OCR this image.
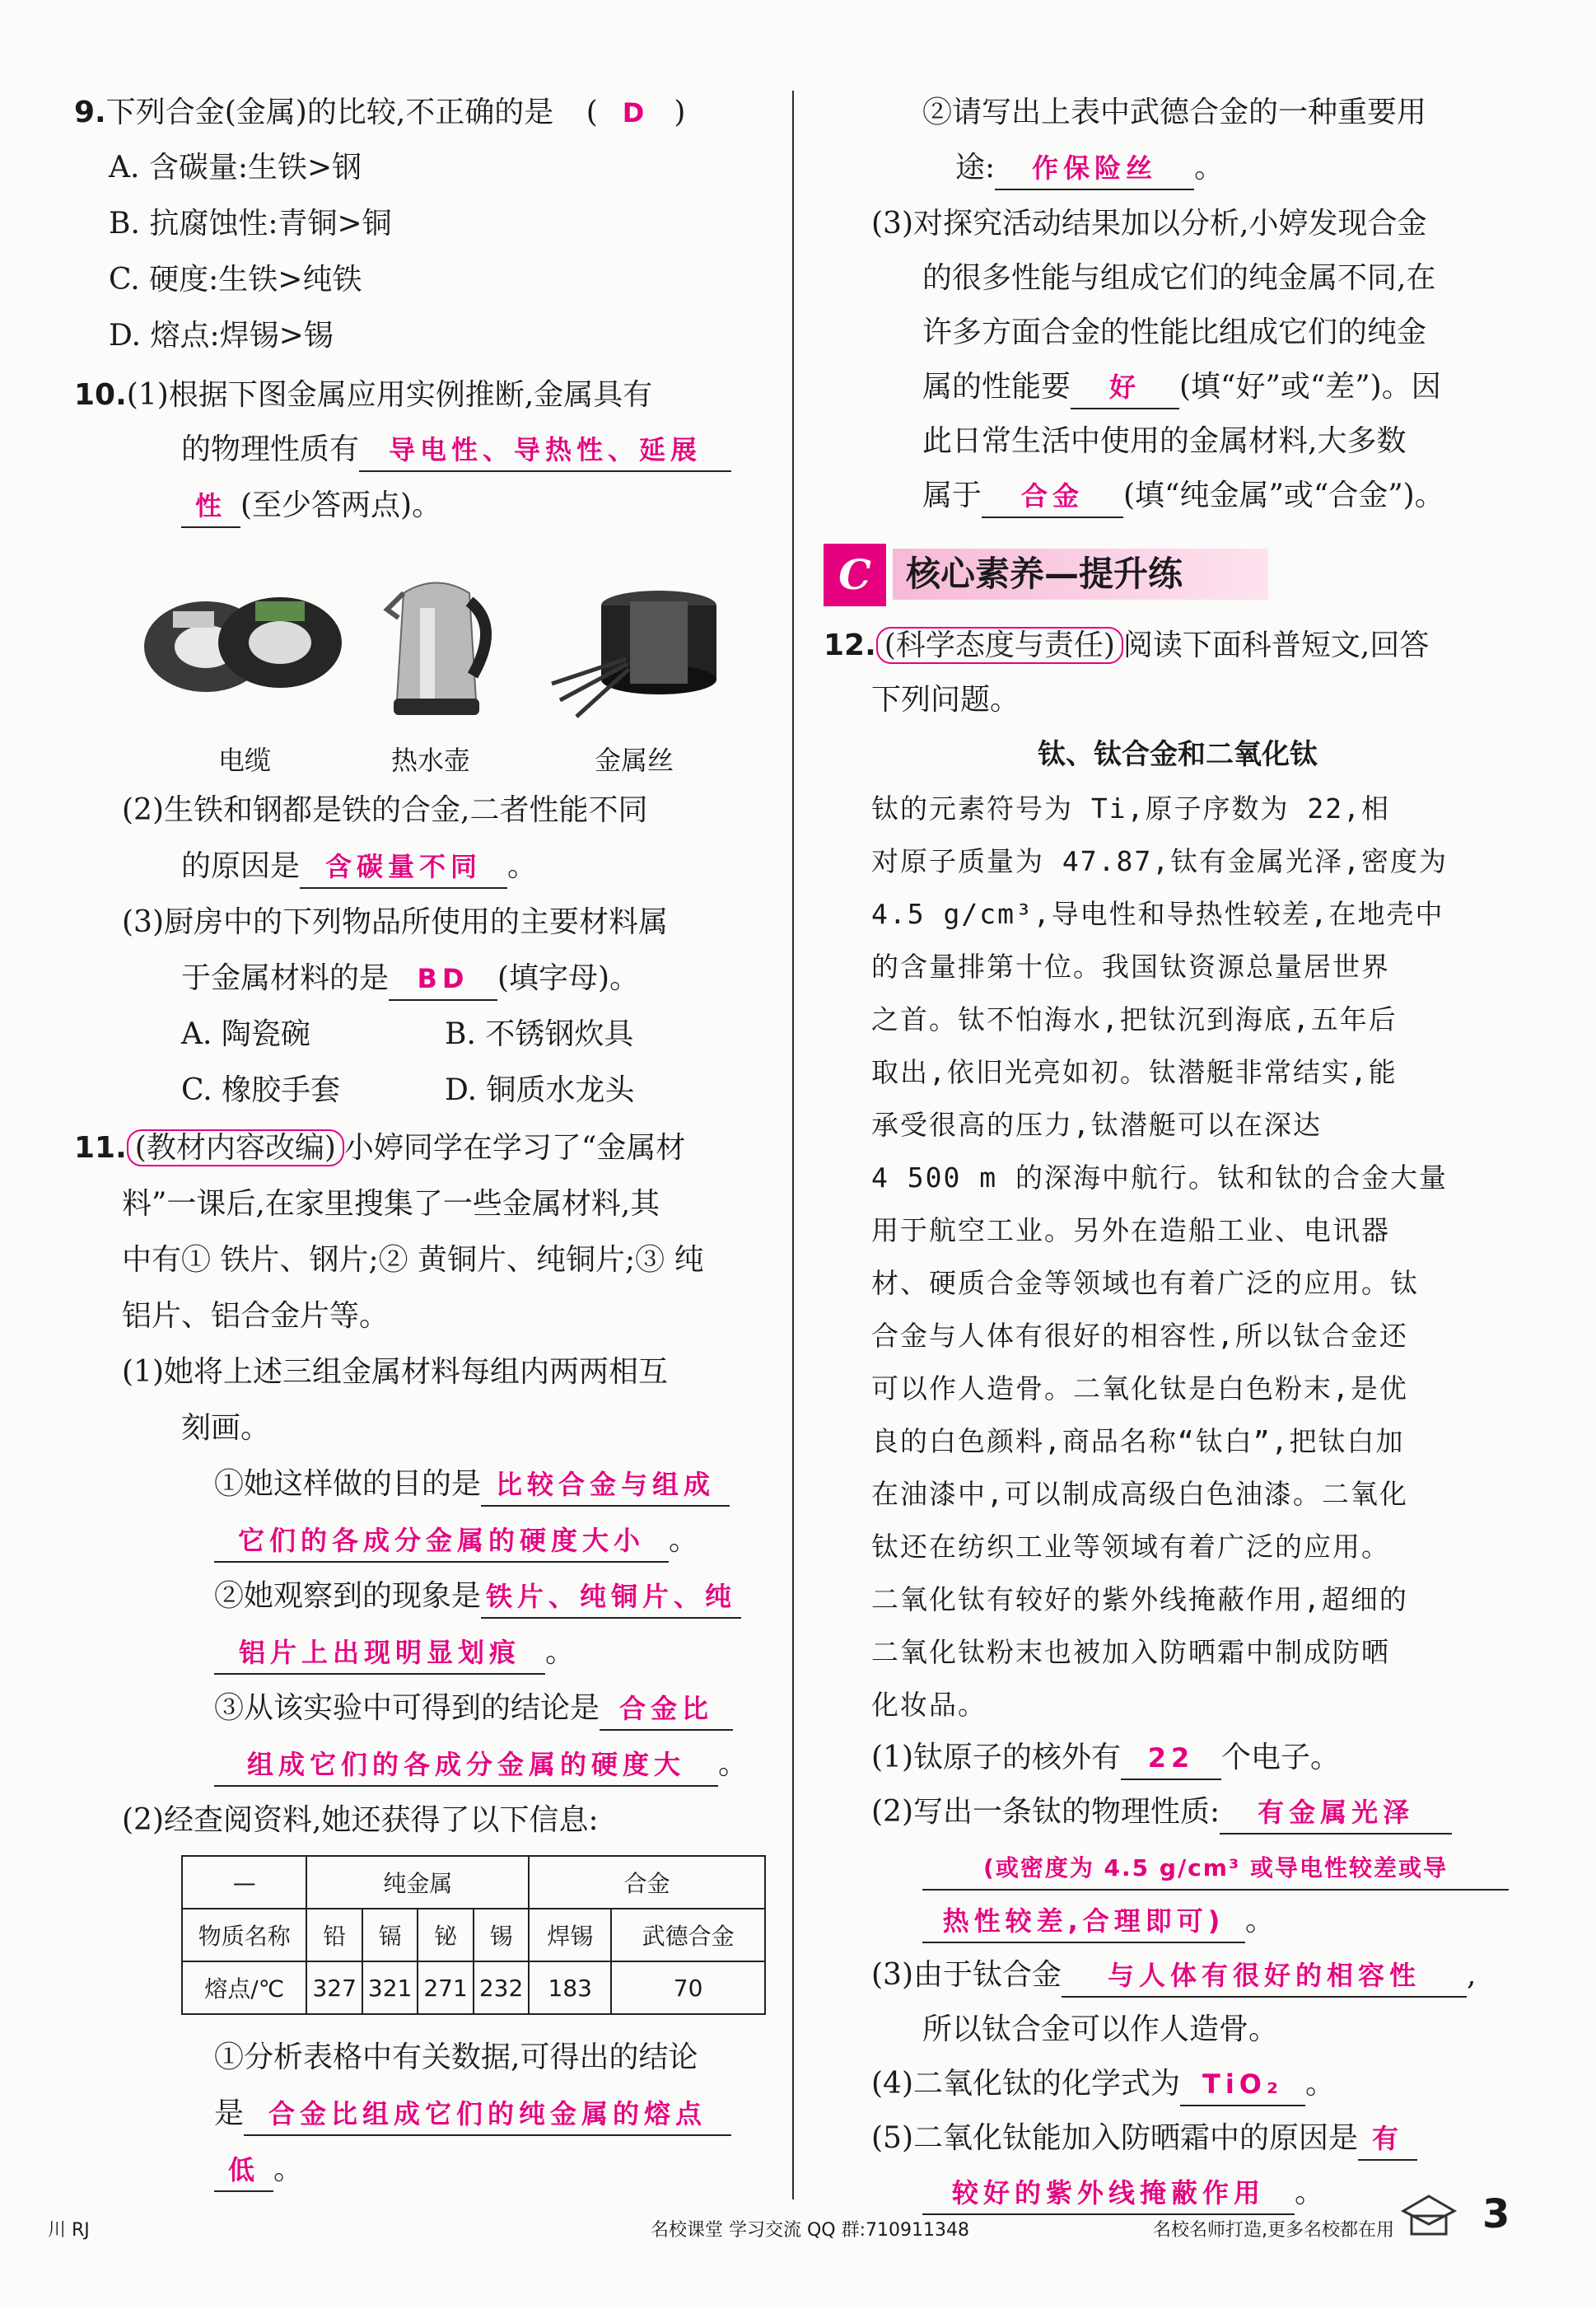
9.下列合金(金属)的比较,不正确的是 ( D )
A. 含碳量:生铁>钢
B. 抗腐蚀性:青铜>铜
C. 硬度:生铁>纯铁
D. 熔点:焊锡>锡
10.(1)根据下图金属应用实例推断,金属具有
的物理性质有 导电性、导热性、延展
性 (至少答两点)。
电缆	热水壶	金属丝
(2)生铁和钢都是铁的合金,二者性能不同
的原因是 含碳量不同 。
(3)厨房中的下列物品所使用的主要材料属
于金属材料的是 BD (填字母)。
A. 陶瓷碗	B. 不锈钢炊具
C. 橡胶手套	D. 铜质水龙头
11. (教材内容改编) 小婷同学在学习了“金属材
料”一课后,在家里搜集了一些金属材料,其
中有① 铁片、钢片;② 黄铜片、纯铜片;③ 纯
铝片、铝合金片等。
(1)她将上述三组金属材料每组内两两相互
刻画。
①她这样做的目的是 比较合金与组成
它们的各成分金属的硬度大小 。
②她观察到的现象是 铁片、纯铜片、纯
铝片上出现明显划痕 。
③从该实验中可得到的结论是 合金比
组成它们的各成分金属的硬度大 。
(2)经查阅资料,她还获得了以下信息:
—	纯金属				合金	
物质名称	铅	镉	铋	锡	焊锡	武德合金
熔点/℃	327	321	271	232	183	70
①分析表格中有关数据,可得出的结论
是 合金比组成它们的纯金属的熔点
低 。
②请写出上表中武德合金的一种重要用
途: 作保险丝 。
(3)对探究活动结果加以分析,小婷发现合金
的很多性能与组成它们的纯金属不同,在
许多方面合金的性能比组成它们的纯金
属的性能要 好 (填“好”或“差”)。因
此日常生活中使用的金属材料,大多数
属于 合金 (填“纯金属”或“合金”)。
C	核心素养—提升练
12. (科学态度与责任) 阅读下面科普短文,回答
下列问题。
钛、钛合金和二氧化钛
钛的元素符号为 Ti,原子序数为 22,相
对原子质量为 47.87,钛有金属光泽,密度为
4.5 g/cm³,导电性和导热性较差,在地壳中
的含量排第十位。我国钛资源总量居世界
之首。钛不怕海水,把钛沉到海底,五年后
取出,依旧光亮如初。钛潜艇非常结实,能
承受很高的压力,钛潜艇可以在深达
4 500 m 的深海中航行。钛和钛的合金大量
用于航空工业。另外在造船工业、电讯器
材、硬质合金等领域也有着广泛的应用。钛
合金与人体有很好的相容性,所以钛合金还
可以作人造骨。二氧化钛是白色粉末,是优
良的白色颜料,商品名称“钛白”,把钛白加
在油漆中,可以制成高级白色油漆。二氧化
钛还在纺织工业等领域有着广泛的应用。
二氧化钛有较好的紫外线掩蔽作用,超细的
二氧化钛粉末也被加入防晒霜中制成防晒
化妆品。
(1)钛原子的核外有 22 个电子。
(2)写出一条钛的物理性质: 有金属光泽
(或密度为 4.5 g/cm³ 或导电性较差或导
热性较差,合理即可) 。
(3)由于钛合金 与人体有很好的相容性 ,
所以钛合金可以作人造骨。
(4)二氧化钛的化学式为 TiO₂ 。
(5)二氧化钛能加入防晒霜中的原因是 有
较好的紫外线掩蔽作用 。
川 RJ	名校课堂 学习交流 QQ 群:710911348	名校名师打造,更多名校都在用 3
